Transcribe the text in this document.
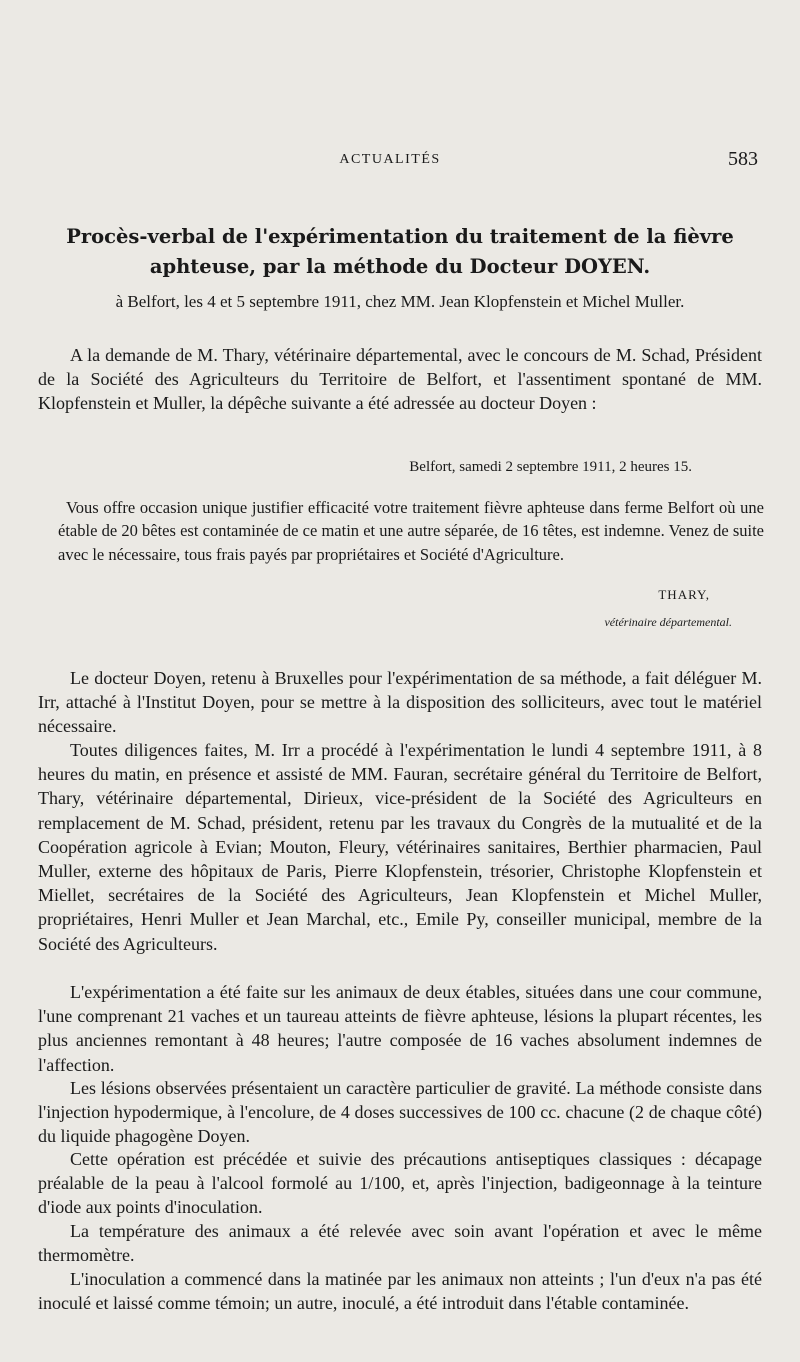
ACTUALITÉS	583
Procès-verbal de l'expérimentation du traitement de la fièvre aphteuse, par la méthode du Docteur DOYEN.

à Belfort, les 4 et 5 septembre 1911, chez MM. Jean Klopfenstein et Michel Muller.

A la demande de M. Thary, vétérinaire départemental, avec le concours de M. Schad, Président de la Société des Agriculteurs du Territoire de Belfort, et l'assentiment spontané de MM. Klopfenstein et Muller, la dépêche suivante a été adressée au docteur Doyen :

Belfort, samedi 2 septembre 1911, 2 heures 15.

Vous offre occasion unique justifier efficacité votre traitement fièvre aphteuse dans ferme Belfort où une étable de 20 bêtes est contaminée de ce matin et une autre séparée, de 16 têtes, est indemne. Venez de suite avec le nécessaire, tous frais payés par propriétaires et Société d'Agriculture.

THARY,
vétérinaire départemental.

Le docteur Doyen, retenu à Bruxelles pour l'expérimentation de sa méthode, a fait déléguer M. Irr, attaché à l'Institut Doyen, pour se mettre à la disposition des solliciteurs, avec tout le matériel nécessaire.

Toutes diligences faites, M. Irr a procédé à l'expérimentation le lundi 4 septembre 1911, à 8 heures du matin, en présence et assisté de MM. Fauran, secrétaire général du Territoire de Belfort, Thary, vétérinaire départemental, Dirieux, vice-président de la Société des Agriculteurs en remplacement de M. Schad, président, retenu par les travaux du Congrès de la mutualité et de la Coopération agricole à Evian; Mouton, Fleury, vétérinaires sanitaires, Berthier pharmacien, Paul Muller, externe des hôpitaux de Paris, Pierre Klopfenstein, trésorier, Christophe Klopfenstein et Miellet, secrétaires de la Société des Agriculteurs, Jean Klopfenstein et Michel Muller, propriétaires, Henri Muller et Jean Marchal, etc., Emile Py, conseiller municipal, membre de la Société des Agriculteurs.

L'expérimentation a été faite sur les animaux de deux étables, situées dans une cour commune, l'une comprenant 21 vaches et un taureau atteints de fièvre aphteuse, lésions la plupart récentes, les plus anciennes remontant à 48 heures; l'autre composée de 16 vaches absolument indemnes de l'affection.

Les lésions observées présentaient un caractère particulier de gravité. La méthode consiste dans l'injection hypodermique, à l'encolure, de 4 doses successives de 100 cc. chacune (2 de chaque côté) du liquide phagogène Doyen.

Cette opération est précédée et suivie des précautions antiseptiques classiques : décapage préalable de la peau à l'alcool formolé au 1/100, et, après l'injection, badigeonnage à la teinture d'iode aux points d'inoculation.

La température des animaux a été relevée avec soin avant l'opération et avec le même thermomètre.

L'inoculation a commencé dans la matinée par les animaux non atteints ; l'un d'eux n'a pas été inoculé et laissé comme témoin; un autre, inoculé, a été introduit dans l'étable contaminée.
